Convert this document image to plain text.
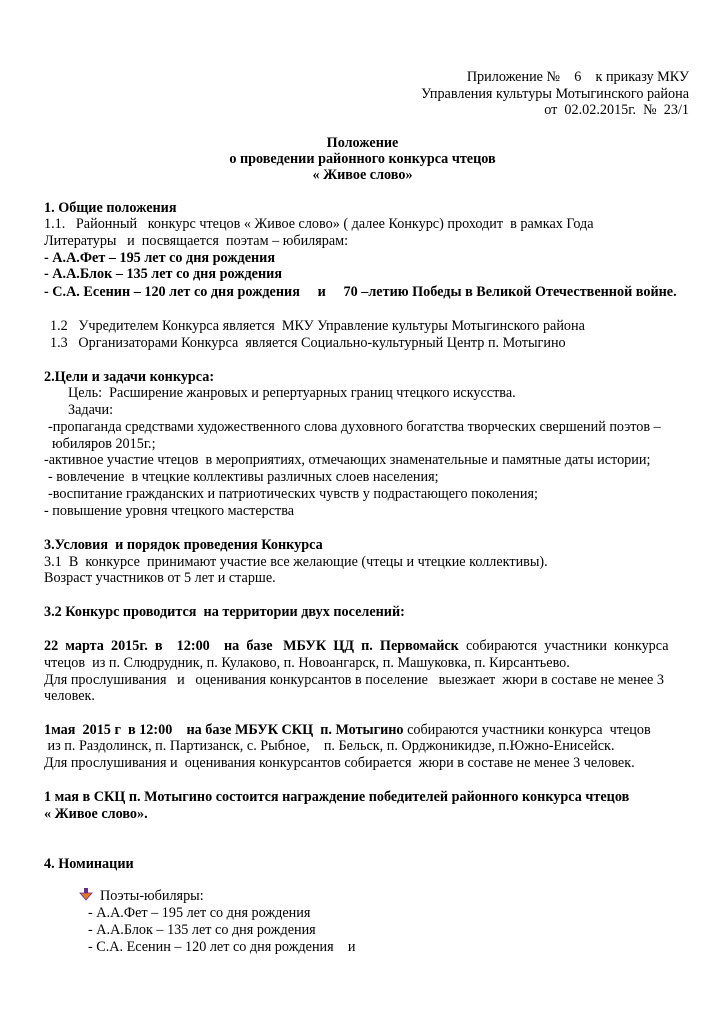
Приложение №    6    к приказу МКУ
Управления культуры Мотыгинского района
от  02.02.2015г.  №  23/1
Положение
о проведении районного конкурса чтецов
« Живое слово»
1. Общие положения
1.1.   Районный   конкурс чтецов « Живое слово» ( далее Конкурс) проходит  в рамках Года
Литературы   и  посвящается  поэтам – юбилярам:
- А.А.Фет – 195 лет со дня рождения
- А.А.Блок – 135 лет со дня рождения
- С.А. Есенин – 120 лет со дня рождения     и     70 –летию Победы в Великой Отечественной войне.
1.2   Учредителем Конкурса является  МКУ Управление культуры Мотыгинского района
1.3   Организаторами Конкурса  является Социально-культурный Центр п. Мотыгино
2.Цели и задачи конкурса:
Цель:  Расширение жанровых и репертуарных границ чтецкого искусства.
Задачи:
-пропаганда средствами художественного слова духовного богатства творческих свершений поэтов –
юбиляров 2015г.;
-активное участие чтецов  в мероприятиях, отмечающих знаменательные и памятные даты истории;
- вовлечение  в чтецкие коллективы различных слоев населения;
-воспитание гражданских и патриотических чувств у подрастающего поколения;
- повышение уровня чтецкого мастерства
3.Условия  и порядок проведения Конкурса
3.1  В  конкурсе  принимают участие все желающие (чтецы и чтецкие коллективы).
Возраст участников от 5 лет и старше.
3.2 Конкурс проводится  на территории двух поселений:
22  марта  2015г.  в    12:00    на  базе   МБУК  ЦД  п.  Первомайск  собираются  участники  конкурса
чтецов  из п. Слюдрудник, п. Кулаково, п. Новоангарск, п. Машуковка, п. Кирсантьево.
Для прослушивания   и   оценивания конкурсантов в поселение   выезжает  жюри в составе не менее 3
человек.
1мая  2015 г  в 12:00    на базе МБУК СКЦ  п. Мотыгино собираются участники конкурса  чтецов
из п. Раздолинск, п. Партизанск, с. Рыбное,    п. Бельск, п. Орджоникидзе, п.Южно-Енисейск.
Для прослушивания и  оценивания конкурсантов собирается  жюри в составе не менее 3 человек.
1 мая в СКЦ п. Мотыгино состоится награждение победителей районного конкурса чтецов
« Живое слово».
4. Номинации
Поэты-юбиляры:
- А.А.Фет – 195 лет со дня рождения
- А.А.Блок – 135 лет со дня рождения
- С.А. Есенин – 120 лет со дня рождения    и
